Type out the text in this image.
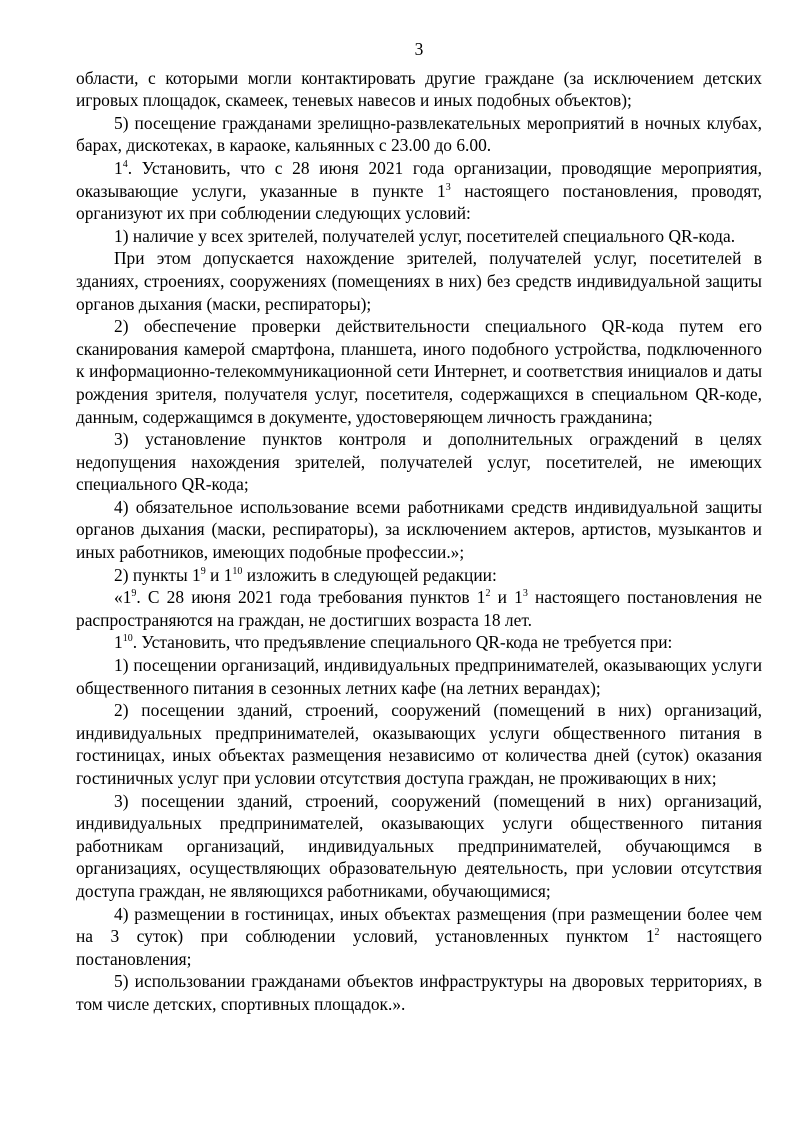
3

области, с которыми могли контактировать другие граждане (за исключением детских игровых площадок, скамеек, теневых навесов и иных подобных объектов);

5) посещение гражданами зрелищно-развлекательных мероприятий в ночных клубах, барах, дискотеках, в караоке, кальянных с 23.00 до 6.00.

$1^4$. Установить, что с 28 июня 2021 года организации, проводящие мероприятия, оказывающие услуги, указанные в пункте $1^3$ настоящего постановления, проводят, организуют их при соблюдении следующих условий:

1) наличие у всех зрителей, получателей услуг, посетителей специального QR-кода.

При этом допускается нахождение зрителей, получателей услуг, посетителей в зданиях, строениях, сооружениях (помещениях в них) без средств индивидуальной защиты органов дыхания (маски, респираторы);

2) обеспечение проверки действительности специального QR-кода путем его сканирования камерой смартфона, планшета, иного подобного устройства, подключенного к информационно-телекоммуникационной сети Интернет, и соответствия инициалов и даты рождения зрителя, получателя услуг, посетителя, содержащихся в специальном QR-коде, данным, содержащимся в документе, удостоверяющем личность гражданина;

3) установление пунктов контроля и дополнительных ограждений в целях недопущения нахождения зрителей, получателей услуг, посетителей, не имеющих специального QR-кода;

4) обязательное использование всеми работниками средств индивидуальной защиты органов дыхания (маски, респираторы), за исключением актеров, артистов, музыкантов и иных работников, имеющих подобные профессии.»;

2) пункты $1^9$ и $1^{10}$ изложить в следующей редакции:

«$1^9$. С 28 июня 2021 года требования пунктов $1^2$ и $1^3$ настоящего постановления не распространяются на граждан, не достигших возраста 18 лет.

$1^{10}$. Установить, что предъявление специального QR-кода не требуется при:

1) посещении организаций, индивидуальных предпринимателей, оказывающих услуги общественного питания в сезонных летних кафе (на летних верандах);

2) посещении зданий, строений, сооружений (помещений в них) организаций, индивидуальных предпринимателей, оказывающих услуги общественного питания в гостиницах, иных объектах размещения независимо от количества дней (суток) оказания гостиничных услуг при условии отсутствия доступа граждан, не проживающих в них;

3) посещении зданий, строений, сооружений (помещений в них) организаций, индивидуальных предпринимателей, оказывающих услуги общественного питания работникам организаций, индивидуальных предпринимателей, обучающимся в организациях, осуществляющих образовательную деятельность, при условии отсутствия доступа граждан, не являющихся работниками, обучающимися;

4) размещении в гостиницах, иных объектах размещения (при размещении более чем на 3 суток) при соблюдении условий, установленных пунктом $1^2$ настоящего постановления;

5) использовании гражданами объектов инфраструктуры на дворовых территориях, в том числе детских, спортивных площадок.».
